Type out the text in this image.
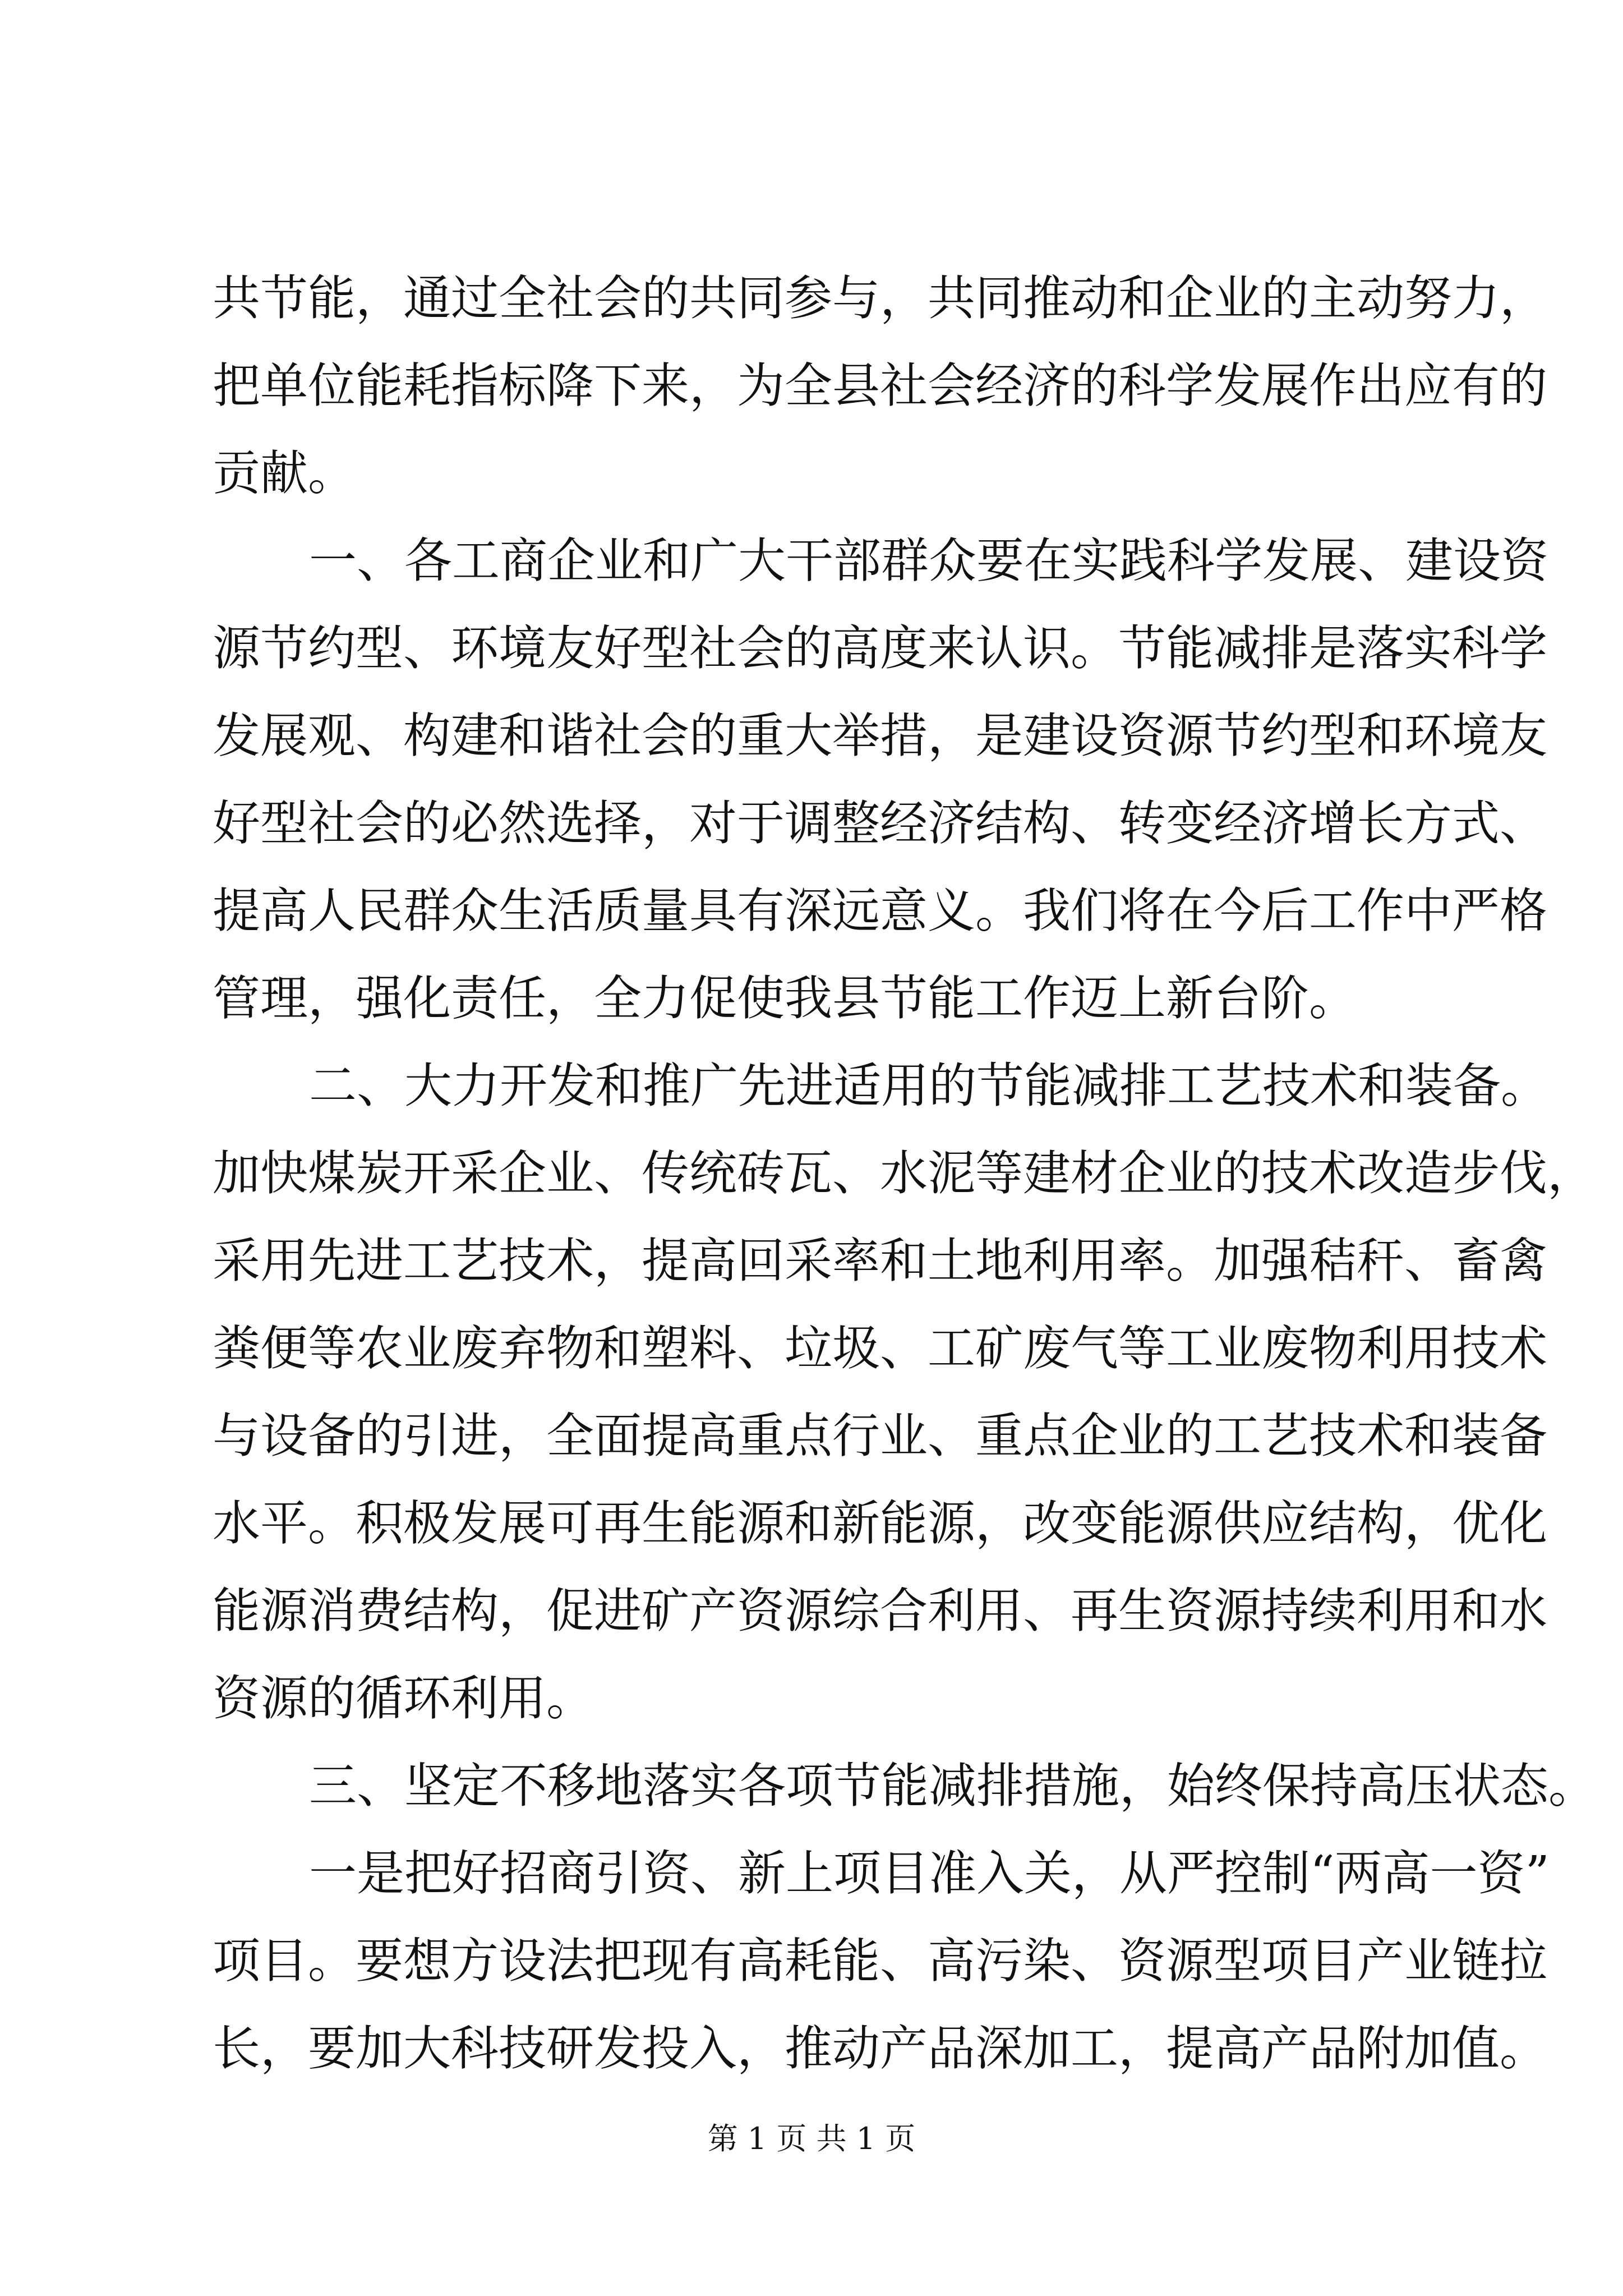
共节能，通过全社会的共同参与，共同推动和企业的主动努力，
把单位能耗指标降下来，为全县社会经济的科学发展作出应有的
贡献。
一、各工商企业和广大干部群众要在实践科学发展、建设资
源节约型、环境友好型社会的高度来认识。节能减排是落实科学
发展观、构建和谐社会的重大举措，是建设资源节约型和环境友
好型社会的必然选择，对于调整经济结构、转变经济增长方式、
提高人民群众生活质量具有深远意义。我们将在今后工作中严格
管理，强化责任，全力促使我县节能工作迈上新台阶。
二、大力开发和推广先进适用的节能减排工艺技术和装备。
加快煤炭开采企业、传统砖瓦、水泥等建材企业的技术改造步伐，
采用先进工艺技术，提高回采率和土地利用率。加强秸秆、畜禽
粪便等农业废弃物和塑料、垃圾、工矿废气等工业废物利用技术
与设备的引进，全面提高重点行业、重点企业的工艺技术和装备
水平。积极发展可再生能源和新能源，改变能源供应结构，优化
能源消费结构，促进矿产资源综合利用、再生资源持续利用和水
资源的循环利用。
三、坚定不移地落实各项节能减排措施，始终保持高压状态。
一是把好招商引资、新上项目准入关，从严控制“两高一资”
项目。要想方设法把现有高耗能、高污染、资源型项目产业链拉
长，要加大科技研发投入，推动产品深加工，提高产品附加值。
第 1 页 共 1 页
